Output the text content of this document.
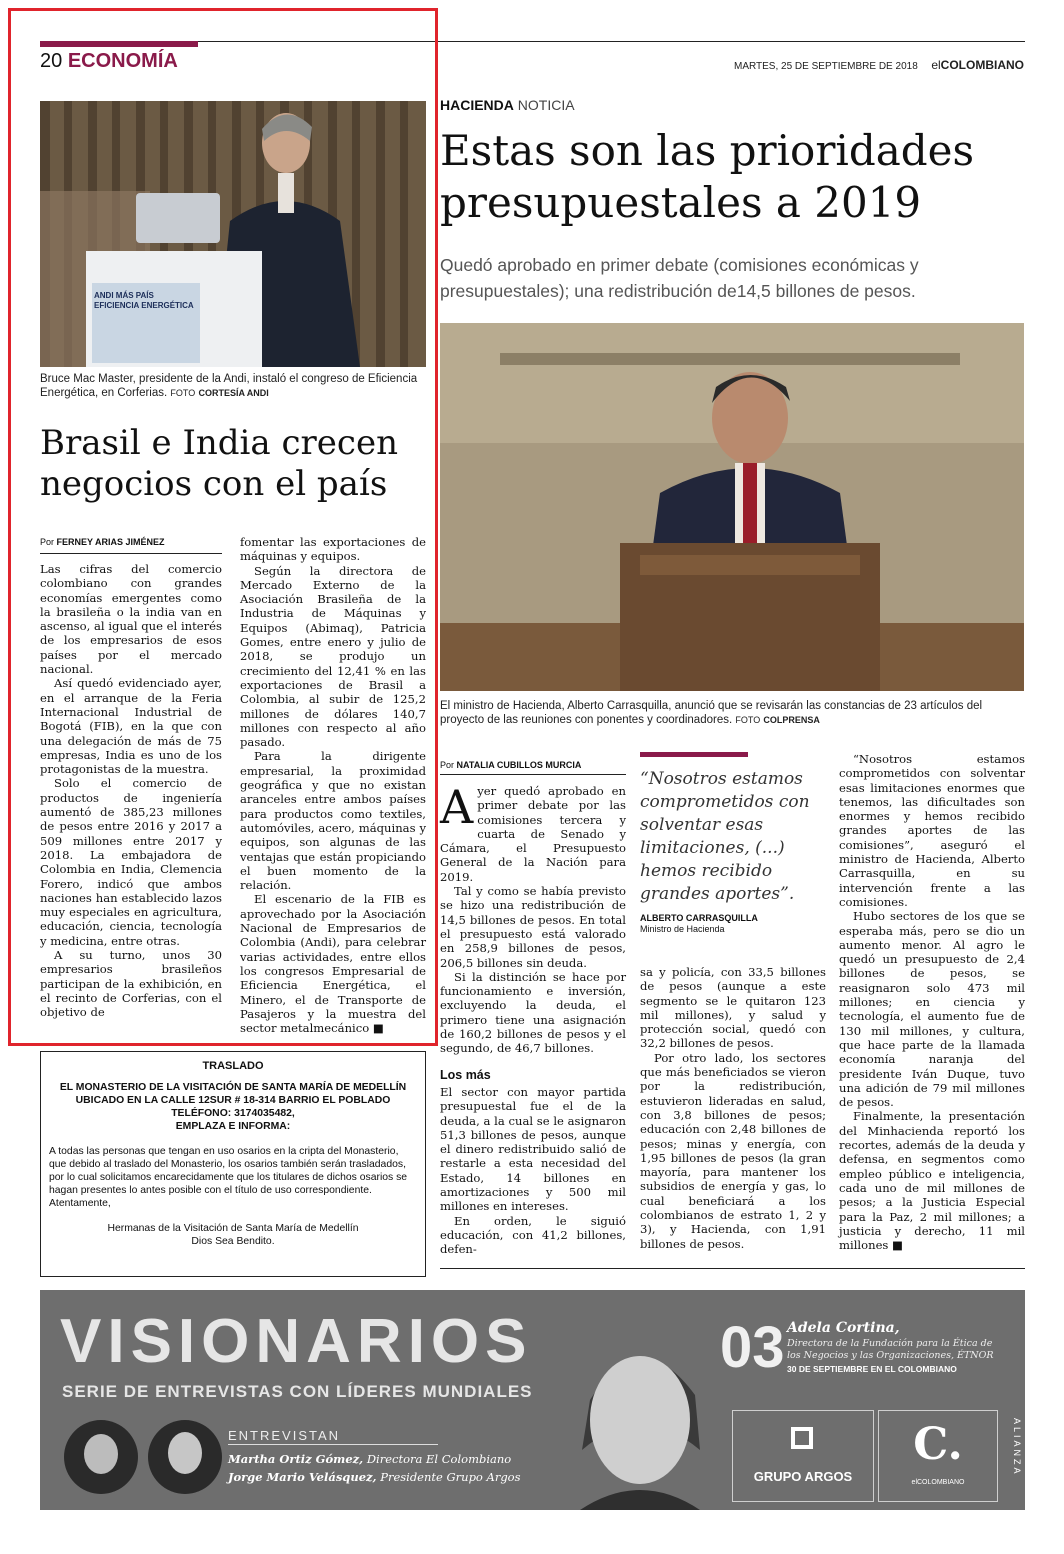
20 ECONOMÍA	MARTES, 25 DE SEPTIEMBRE DE 2018 elCOLOMBIANO
ANDI MÁS PAÍS EFICIENCIA ENERGÉTICA
Bruce Mac Master, presidente de la Andi, instaló el congreso de Eficiencia Energética, en Corferias. FOTO CORTESÍA ANDI
Brasil e India crecen negocios con el país
Por FERNEY ARIAS JIMÉNEZ

Las cifras del comercio colombiano con grandes economías emergentes como la brasileña o la india van en ascenso, al igual que el interés de los empresarios de esos países por el mercado nacional.

Así quedó evidenciado ayer, en el arranque de la Feria Internacional Industrial de Bogotá (FIB), en la que con una delegación de más de 75 empresas, India es uno de los protagonistas de la muestra.

Solo el comercio de productos de ingeniería aumentó de 385,23 millones de pesos entre 2016 y 2017 a 509 millones entre 2017 y 2018. La embajadora de Colombia en India, Clemencia Forero, indicó que ambos naciones han establecido lazos muy especiales en agricultura, educación, ciencia, tecnología y medicina, entre otras.

A su turno, unos 30 empresarios brasileños participan de la exhibición, en el recinto de Corferias, con el objetivo de

fomentar las exportaciones de máquinas y equipos.

Según la directora de Mercado Externo de la Asociación Brasileña de la Industria de Máquinas y Equipos (Abimaq), Patricia Gomes, entre enero y julio de 2018, se produjo un crecimiento del 12,41 % en las exportaciones de Brasil a Colombia, al subir de 125,2 millones de dólares 140,7 millones con respecto al año pasado.

Para la dirigente empresarial, la proximidad geográfica y que no existan aranceles entre ambos países para productos como textiles, automóviles, acero, máquinas y equipos, son algunas de las ventajas que están propiciando el buen momento de la relación.

El escenario de la FIB es aprovechado por la Asociación Nacional de Empresarios de Colombia (Andi), para celebrar varias actividades, entre ellos los congresos Empresarial de Eficiencia Energética, el Minero, el de Transporte de Pasajeros y la muestra del sector metalmecánico ■

TRASLADO
EL MONASTERIO DE LA VISITACIÓN DE SANTA MARÍA DE MEDELLÍN
UBICADO EN LA CALLE 12SUR # 18-314 BARRIO EL POBLADO
TELÉFONO: 3174035482,
EMPLAZA E INFORMA:
A todas las personas que tengan en uso osarios en la cripta del Monasterio, que debido al traslado del Monasterio, los osarios también serán trasladados, por lo cual solicitamos encarecidamente que los titulares de dichos osarios se hagan presentes lo antes posible con el título de uso correspondiente.
Atentamente,
Hermanas de la Visitación de Santa María de Medellín
Dios Sea Bendito.
HACIENDA NOTICIA
Estas son las prioridades presupuestales a 2019
Quedó aprobado en primer debate (comisiones económicas y presupuestales); una redistribución de14,5 billones de pesos.
El ministro de Hacienda, Alberto Carrasquilla, anunció que se revisarán las constancias de 23 artículos del proyecto de las reuniones con ponentes y coordinadores. FOTO COLPRENSA
Por NATALIA CUBILLOS MURCIA

Ayer quedó aprobado en primer debate por las comisiones tercera y cuarta de Senado y Cámara, el Presupuesto General de la Nación para 2019.

Tal y como se había previsto se hizo una redistribución de 14,5 billones de pesos. En total el presupuesto está valorado en 258,9 billones de pesos, 206,5 billones sin deuda.

Si la distinción se hace por funcionamiento e inversión, excluyendo la deuda, el primero tiene una asignación de 160,2 billones de pesos y el segundo, de 46,7 billones.

Los más

El sector con mayor partida presupuestal fue el de la deuda, a la cual se le asignaron 51,3 billones de pesos, aunque el dinero redistribuido salió de restarle a esta necesidad del Estado, 14 billones en amortizaciones y 500 mil millones en intereses.

En orden, le siguió educación, con 41,2 billones, defen-

“Nosotros estamos comprometidos con solventar esas limitaciones, (...) hemos recibido grandes aportes”.
ALBERTO CARRASQUILLA
Ministro de Hacienda

sa y policía, con 33,5 billones de pesos (aunque a este segmento se le quitaron 123 mil millones), y salud y protección social, quedó con 32,2 billones de pesos.

Por otro lado, los sectores que más beneficiados se vieron por la redistribución, estuvieron lideradas en salud, con 3,8 billones de pesos; educación con 2,48 billones de pesos; minas y energía, con 1,95 billones de pesos (la gran mayoría, para mantener los subsidios de energía y gas, lo cual beneficiará a los colombianos de estrato 1, 2 y 3), y Hacienda, con 1,91 billones de pesos.

“Nosotros estamos comprometidos con solventar esas limitaciones enormes que tenemos, las dificultades son enormes y hemos recibido grandes aportes de las comisiones”, aseguró el ministro de Hacienda, Alberto Carrasquilla, en su intervención frente a las comisiones.

Hubo sectores de los que se esperaba más, pero se dio un aumento menor. Al agro le quedó un presupuesto de 2,4 billones de pesos, se reasignaron solo 473 mil millones; en ciencia y tecnología, el aumento fue de 130 mil millones, y cultura, que hace parte de la llamada economía naranja del presidente Iván Duque, tuvo una adición de 79 mil millones de pesos.

Finalmente, la presentación del Minhacienda reportó los recortes, además de la deuda y defensa, en segmentos como empleo público e inteligencia, cada uno de mil millones de pesos; a la Justicia Especial para la Paz, 2 mil millones; a justicia y derecho, 11 mil millones ■

VISIONARIOS
SERIE DE ENTREVISTAS CON LÍDERES MUNDIALES
ENTREVISTAN
Martha Ortiz Gómez, Directora El Colombiano
Jorge Mario Velásquez, Presidente Grupo Argos
03 Adela Cortina,
Directora de la Fundación para la Ética de
los Negocios y las Organizaciones, ÉTNOR
30 DE SEPTIEMBRE EN EL COLOMBIANO
GRUPO ARGOS
C.
elCOLOMBIANO
ALIANZA
